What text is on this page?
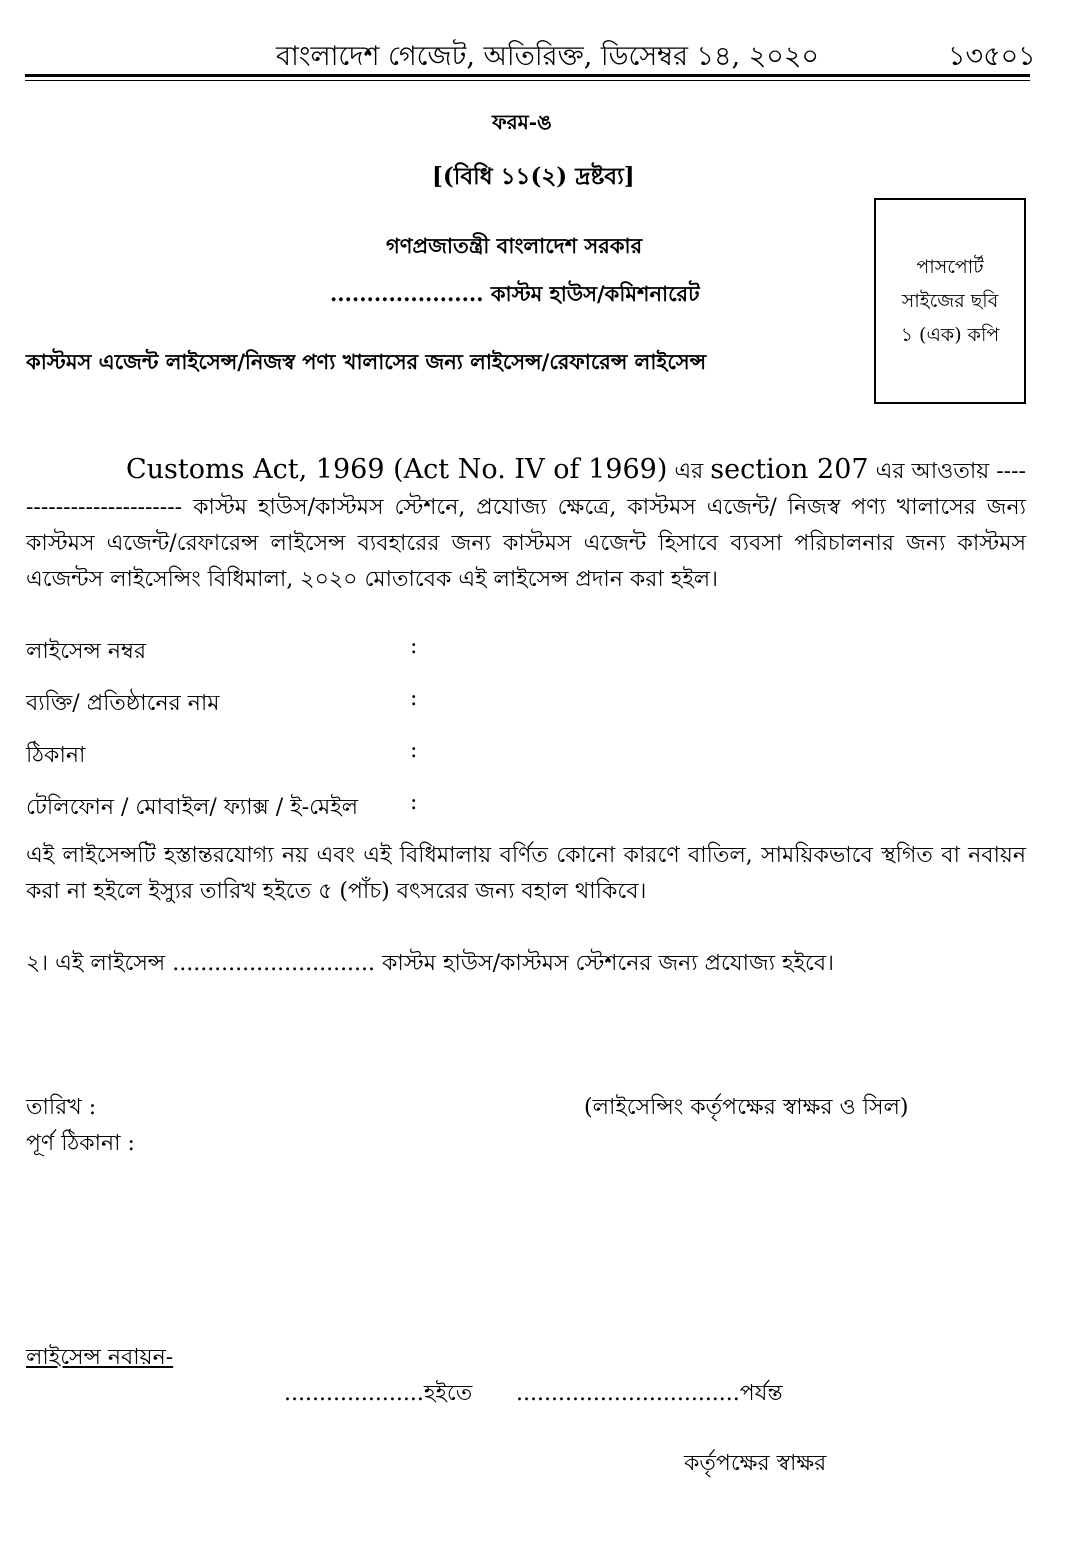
বাংলাদেশ গেজেট, অতিরিক্ত, ডিসেম্বর ১৪, ২০২০	১৩৫০১
ফরম-ঙ
[(বিধি ১১(২) দ্রষ্টব্য]
গণপ্রজাতন্ত্রী বাংলাদেশ সরকার
..................... কাস্টম হাউস/কমিশনারেট
কাস্টমস এজেন্ট লাইসেন্স/নিজস্ব পণ্য খালাসের জন্য লাইসেন্স/রেফারেন্স লাইসেন্স
পাসপোর্ট
সাইজের ছবি
১ (এক) কপি
Customs Act, 1969 (Act No. IV of 1969) এর section 207 এর আওতায় ------------------------- কাস্টম হাউস/কাস্টমস স্টেশনে, প্রযোজ্য ক্ষেত্রে, কাস্টমস এজেন্ট/ নিজস্ব পণ্য খালাসের জন্য কাস্টমস এজেন্ট/রেফারেন্স লাইসেন্স ব্যবহারের জন্য কাস্টমস এজেন্ট হিসাবে ব্যবসা পরিচালনার জন্য কাস্টমস এজেন্টস লাইসেন্সিং বিধিমালা, ২০২০ মোতাবেক এই লাইসেন্স প্রদান করা হইল।
লাইসেন্স নম্বর	:
ব্যক্তি/ প্রতিষ্ঠানের নাম	:
ঠিকানা	:
টেলিফোন / মোবাইল/ ফ্যাক্স / ই-মেইল :
এই লাইসেন্সটি হস্তান্তরযোগ্য নয় এবং এই বিধিমালায় বর্ণিত কোনো কারণে বাতিল, সাময়িকভাবে স্থগিত বা নবায়ন করা না হইলে ইস্যুর তারিখ হইতে ৫ (পাঁচ) বৎসরের জন্য বহাল থাকিবে।
২। এই লাইসেন্স ............................. কাস্টম হাউস/কাস্টমস স্টেশনের জন্য প্রযোজ্য হইবে।
তারিখ :
পূর্ণ ঠিকানা :
(লাইসেন্সিং কর্তৃপক্ষের স্বাক্ষর ও সিল)
লাইসেন্স নবায়ন-
....................হইতে ................................পর্যন্ত
কর্তৃপক্ষের স্বাক্ষর
